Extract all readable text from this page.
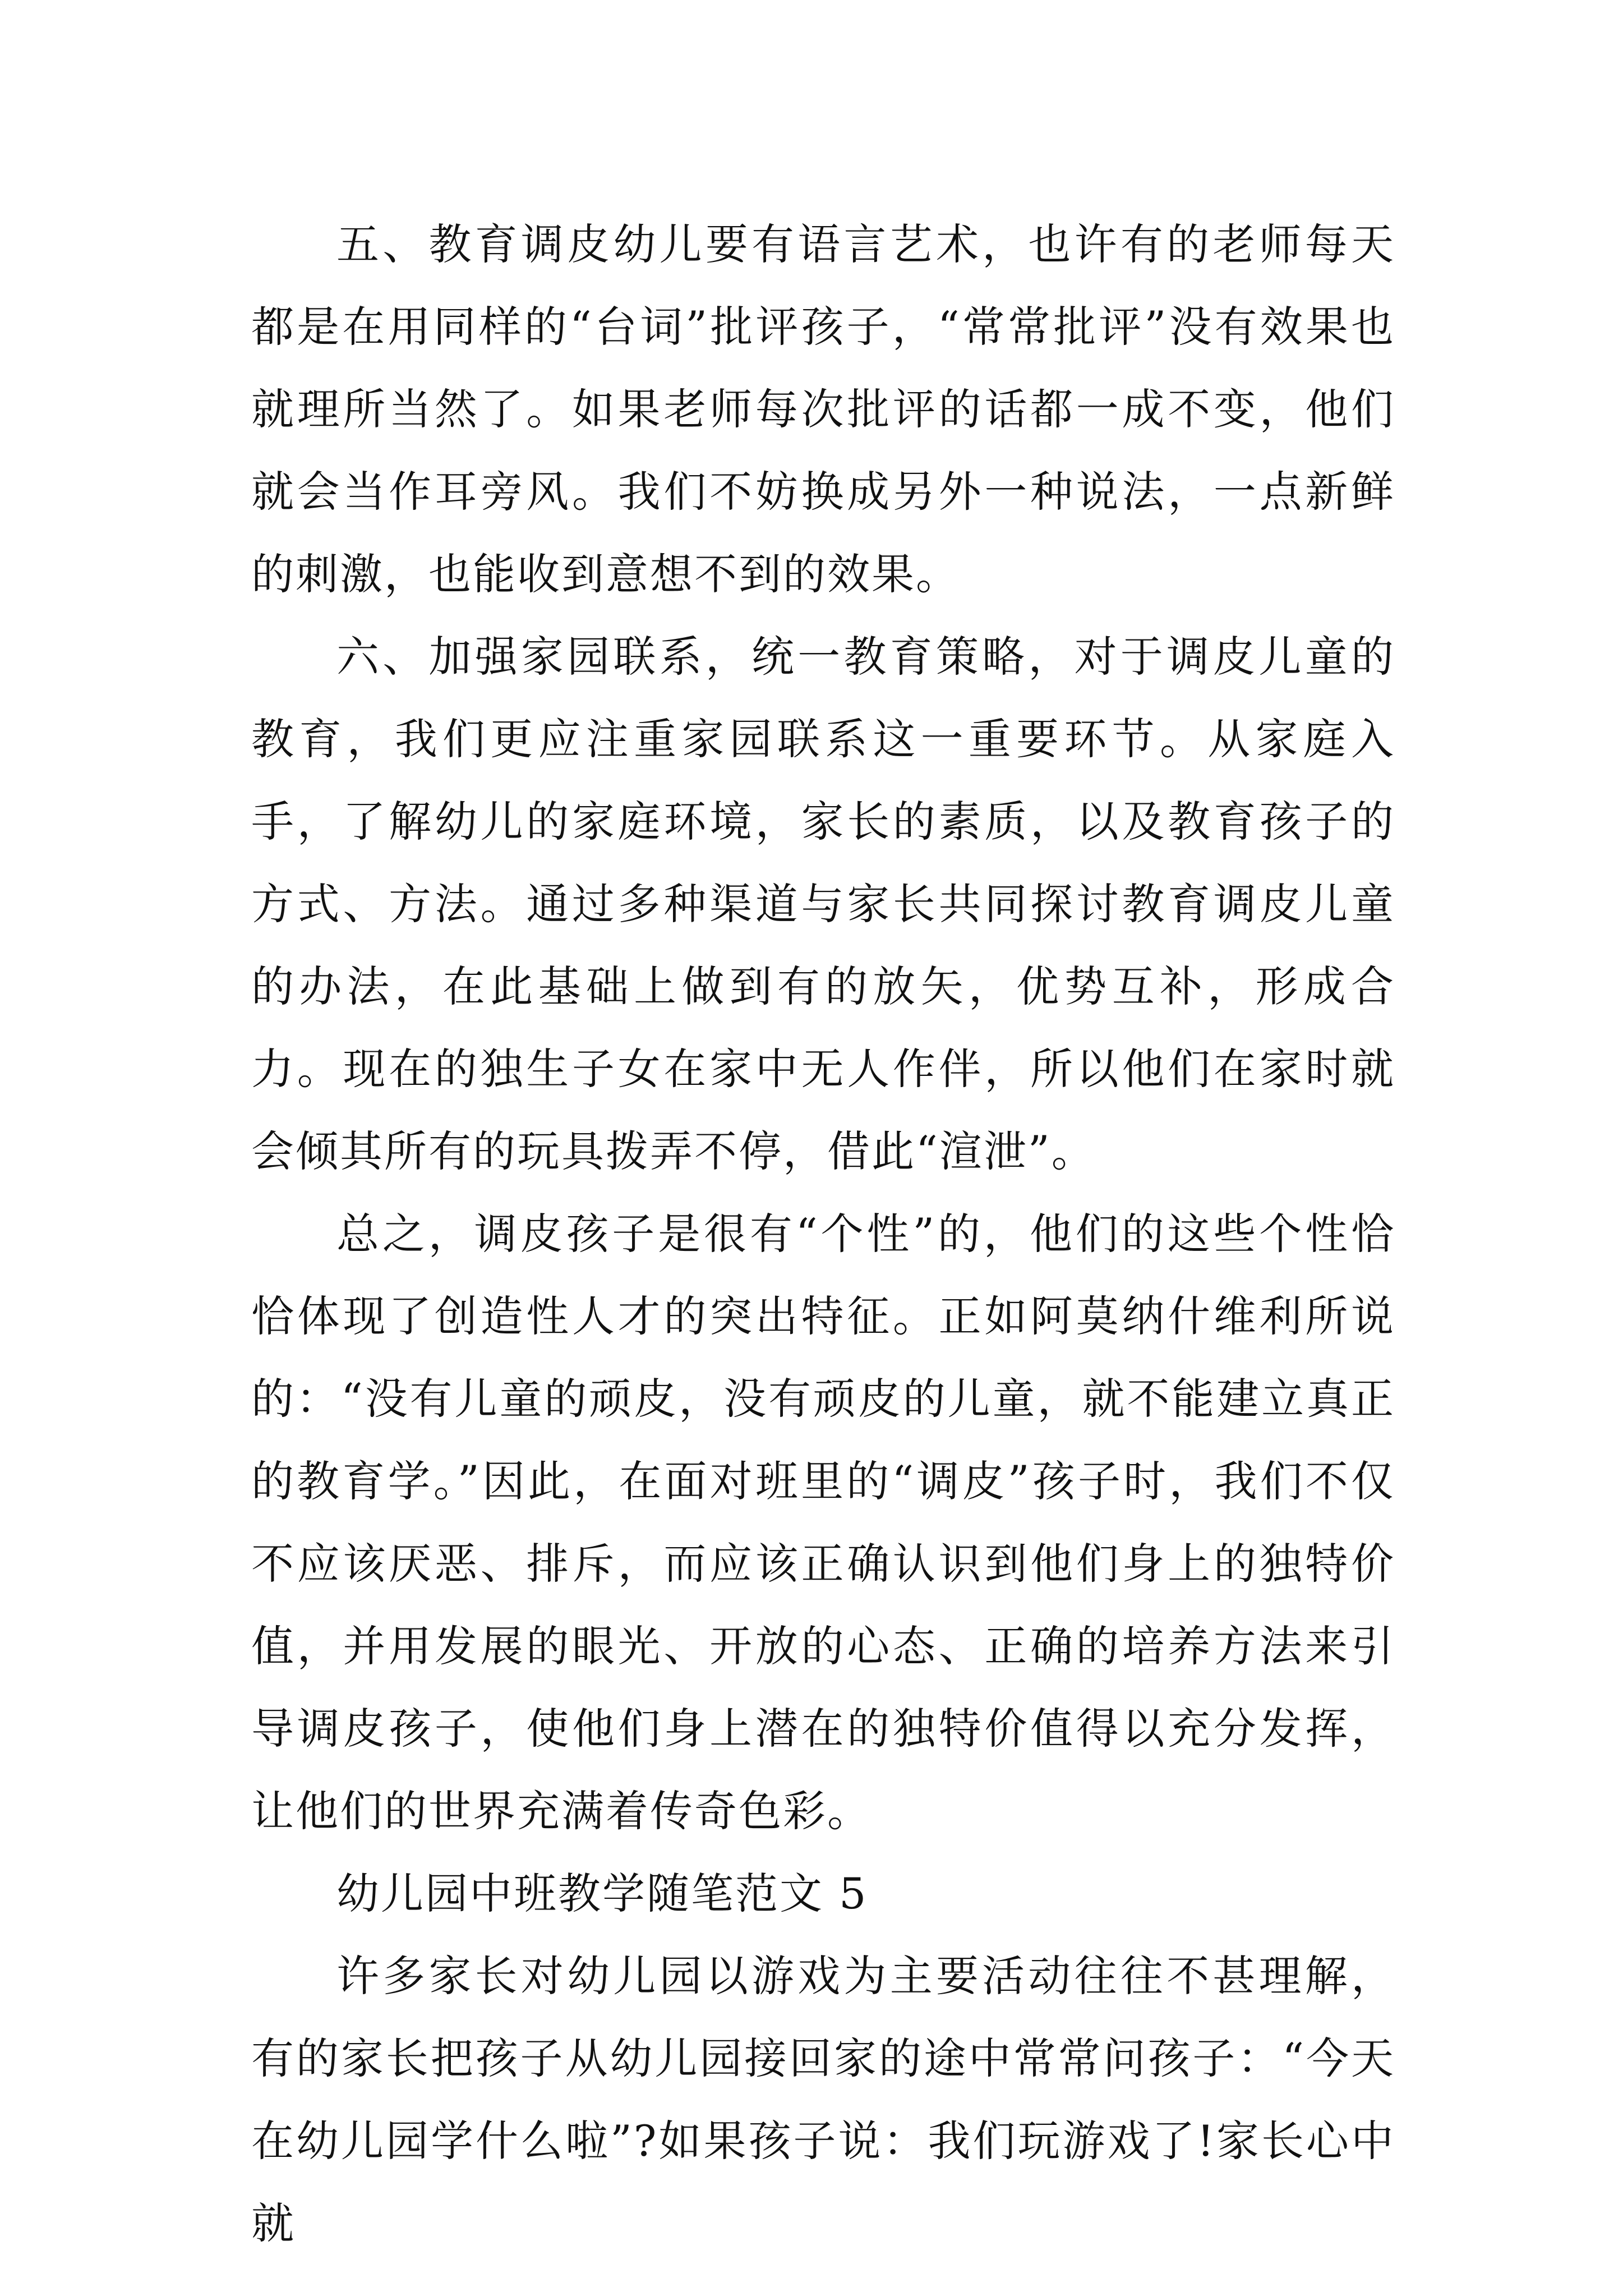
五、教育调皮幼儿要有语言艺术，也许有的老师每天都是在用同样的“台词”批评孩子，“常常批评”没有效果也就理所当然了。如果老师每次批评的话都一成不变，他们就会当作耳旁风。我们不妨换成另外一种说法，一点新鲜的刺激，也能收到意想不到的效果。

六、加强家园联系，统一教育策略，对于调皮儿童的教育，我们更应注重家园联系这一重要环节。从家庭入手，了解幼儿的家庭环境，家长的素质，以及教育孩子的方式、方法。通过多种渠道与家长共同探讨教育调皮儿童的办法，在此基础上做到有的放矢，优势互补，形成合力。现在的独生子女在家中无人作伴，所以他们在家时就会倾其所有的玩具拨弄不停，借此“渲泄”。

总之，调皮孩子是很有“个性”的，他们的这些个性恰恰体现了创造性人才的突出特征。正如阿莫纳什维利所说的：“没有儿童的顽皮，没有顽皮的儿童，就不能建立真正的教育学。”因此，在面对班里的“调皮”孩子时，我们不仅不应该厌恶、排斥，而应该正确认识到他们身上的独特价值，并用发展的眼光、开放的心态、正确的培养方法来引导调皮孩子，使他们身上潜在的独特价值得以充分发挥，让他们的世界充满着传奇色彩。

幼儿园中班教学随笔范文 5

许多家长对幼儿园以游戏为主要活动往往不甚理解，有的家长把孩子从幼儿园接回家的途中常常问孩子：“今天在幼儿园学什么啦”?如果孩子说：我们玩游戏了!家长心中就
